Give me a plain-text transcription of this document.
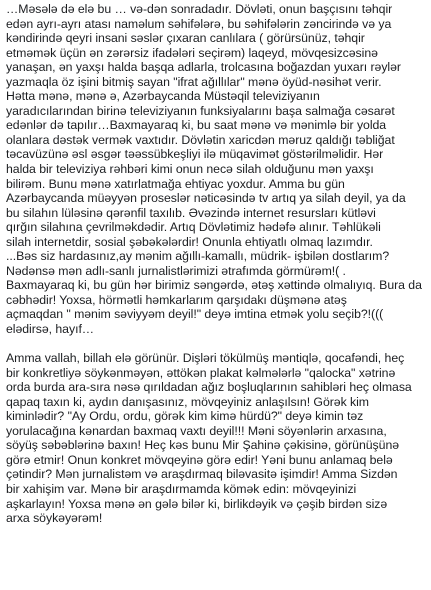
…Məsələ də elə bu … və-dən sonradadır. Dövləti, onun başçısını təhqir
edən ayrı-ayrı atası naməlum səhifələrə, bu səhifələrin zəncirində və ya
kəndirində qeyri insani səslər çıxaran canlılara ( görürsünüz, təhqir
etməmək üçün ən zərərsiz ifadələri seçirəm) laqeyd, mövqesizcəsinə
yanaşan, ən yaxşı halda başqa adlarla, trolcasına boğazdan yuxarı rəylər
yazmaqla öz işini bitmiş sayan "ifrat ağıllılar" mənə öyüd-nəsihət verir.
Hətta mənə, mənə ə, Azərbaycanda Müstəqil televiziyanın
yaradıcılarından birinə televiziyanın funksiyalarını başa salmağa cəsarət
edənlər də tapılır…Baxmayaraq ki, bu saat mənə və mənimlə bir yolda
olanlara dəstək vermək vaxtıdır. Dövlətin xaricdən məruz qaldığı təbliğat
təcavüzünə əsl əsgər təəssübkeşliyi ilə müqavimət göstərilməlidir. Hər
halda bir televiziya rəhbəri kimi onun necə silah olduğunu mən yaxşı
bilirəm. Bunu mənə xatırlatmağa ehtiyac yoxdur. Amma bu gün
Azərbaycanda müəyyən proseslər nəticəsində tv artıq ya silah deyil, ya da
bu silahın lüləsinə qərənfil taxılıb. Əvəzində internet resursları kütləvi
qırğın silahına çevrilməkdədir. Artıq Dövlətimiz hədəfə alınır. Təhlükəli
silah internetdir, sosial şəbəkələrdir! Onunla ehtiyatlı olmaq lazımdır.
...Bəs siz hardasınız,ay mənim ağıllı-kamallı, müdrik- işbilən dostlarım?
Nədənsə mən adlı-sanlı jurnalistlərimizi ətrafımda görmürəm!( .
Baxmayaraq ki, bu gün hər birimiz səngərdə, ətəş xəttində olmalıyıq. Bura da
cəbhədir! Yoxsa, hörmətli həmkarlarım qarşıdakı düşmənə atəş
açmaqdan " mənim səviyyəm deyil!" deyə imtina etmək yolu seçib?!(((
elədirsə, hayıf…
Amma vallah, billah elə görünür. Dişləri tökülmüş məntiqlə, qocafəndi, heç
bir konkretliyə söykənməyən, əttökən plakat kəlmələrlə "qalocka" xətrinə
orda burda ara-sıra nəsə qırıldadan ağız boşluqlarının sahibləri heç olmasa
qapaq taxın ki, aydın danışasınız, mövqeyiniz anlaşılsın! Görək kim
kiminlədir? "Ay Ordu, ordu, görək kim kimə hürdü?" deyə kimin təz
yorulacağına kənardan baxmaq vaxtı deyil!!! Məni söyənlərin arxasına,
söyüş səbəblərinə baxın! Heç kəs bunu Mir Şahinə çəkisinə, görünüşünə
görə etmir! Onun konkret mövqeyinə görə edir! Yəni bunu anlamaq belə
çətindir? Mən jurnalistəm və araşdırmaq biləvasitə işimdir! Amma Sizdən
bir xahişim var. Mənə bir araşdırmamda kömək edin: mövqeyinizi
aşkarlayın! Yoxsa mənə ən gələ bilər ki, birlikdəyik və çəşib birdən sizə
arxa söykəyərəm!
